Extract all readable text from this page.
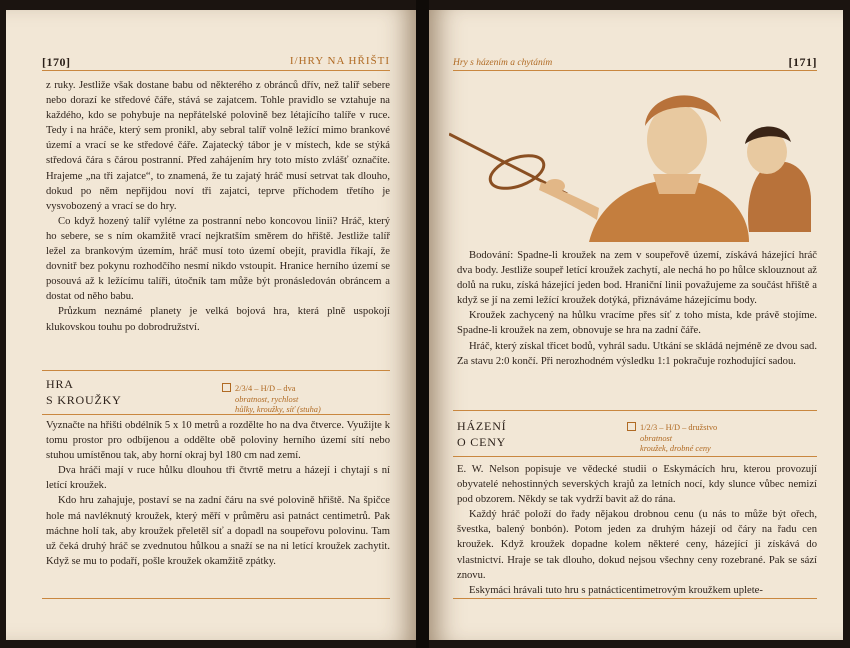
[170]	I/HRY NA HŘIŠTI

z ruky. Jestliže však dostane babu od některého z obránců dřív, než talíř sebere nebo dorazí ke středové čáře, stává se zajatcem. Tohle pravidlo se vztahuje na každého, kdo se pohybuje na nepřátelské polovině bez létajícího talíře v ruce. Tedy i na hráče, který sem pronikl, aby sebral talíř volně ležící mimo brankové území a vrací se ke středové čáře. Zajatecký tábor je v místech, kde se stýká středová čára s čárou postranní. Před zahájením hry toto místo zvlášť označíte. Hrajeme „na tři zajatce“, to znamená, že tu zajatý hráč musí setrvat tak dlouho, dokud po něm nepřijdou noví tři zajatci, teprve příchodem třetího je vysvobozený a vrací se do hry.

Co když hozený talíř vylétne za postranní nebo koncovou linii? Hráč, který ho sebere, se s ním okamžitě vrací nejkratším směrem do hřiště. Jestliže talíř ležel za brankovým územím, hráč musí toto území obejít, pravidla říkají, že dovnitř bez pokynu rozhodčího nesmí nikdo vstoupit. Hranice herního území se posouvá až k ležícímu talíři, útočník tam může být pronásledován obráncem a dostat od něho babu.

Průzkum neznámé planety je velká bojová hra, která plně uspokojí klukovskou touhu po dobrodružství.

HRA
S KROUŽKY
2/3/4 – H/D – dva
obratnost, rychlost
hůlky, kroužky, síť (stuha)

Vyznačte na hřišti obdélník 5 x 10 metrů a rozdělte ho na dva čtverce. Využijte k tomu prostor pro odbíjenou a oddělte obě poloviny herního území sítí nebo stuhou umístěnou tak, aby horní okraj byl 180 cm nad zemí.

Dva hráči mají v ruce hůlku dlouhou tři čtvrtě metru a házejí i chytají s ní letící kroužek.

Kdo hru zahajuje, postaví se na zadní čáru na své polovině hřiště. Na špičce hole má navléknutý kroužek, který měří v průměru asi patnáct centimetrů. Pak máchne holí tak, aby kroužek přeletěl síť a dopadl na soupeřovu polovinu. Tam už čeká druhý hráč se zvednutou hůlkou a snaží se na ni letící kroužek zachytit. Když se mu to podaří, pošle kroužek okamžitě zpátky.

Hry s házením a chytáním	[171]

Bodování: Spadne-li kroužek na zem v soupeřově území, získává házející hráč dva body. Jestliže soupeř letící kroužek zachytí, ale nechá ho po hůlce sklouznout až dolů na ruku, získá házející jeden bod. Hraniční linii považujeme za součást hřiště a když se jí na zemi ležící kroužek dotýká, přiznáváme házejícímu body.

Kroužek zachycený na hůlku vracíme přes síť z toho místa, kde právě stojíme. Spadne-li kroužek na zem, obnovuje se hra na zadní čáře.

Hráč, který získal třicet bodů, vyhrál sadu. Utkání se skládá nejméně ze dvou sad. Za stavu 2:0 končí. Při nerozhodném výsledku 1:1 pokračuje rozhodující sadou.

HÁZENÍ
O CENY
1/2/3 – H/D – družstvo
obratnost
kroužek, drobné ceny

E. W. Nelson popisuje ve vědecké studii o Eskymácích hru, kterou provozují obyvatelé nehostinných severských krajů za letních nocí, kdy slunce vůbec nemizí pod obzorem. Někdy se tak vydrží bavit až do rána.

Každý hráč položí do řady nějakou drobnou cenu (u nás to může být ořech, švestka, balený bonbón). Potom jeden za druhým házejí od čáry na řadu cen kroužek. Když kroužek dopadne kolem některé ceny, házející ji získává do vlastnictví. Hraje se tak dlouho, dokud nejsou všechny ceny rozebrané. Pak se sází znovu.

Eskymáci hrávali tuto hru s patnácticentimetrovým kroužkem uplete-
